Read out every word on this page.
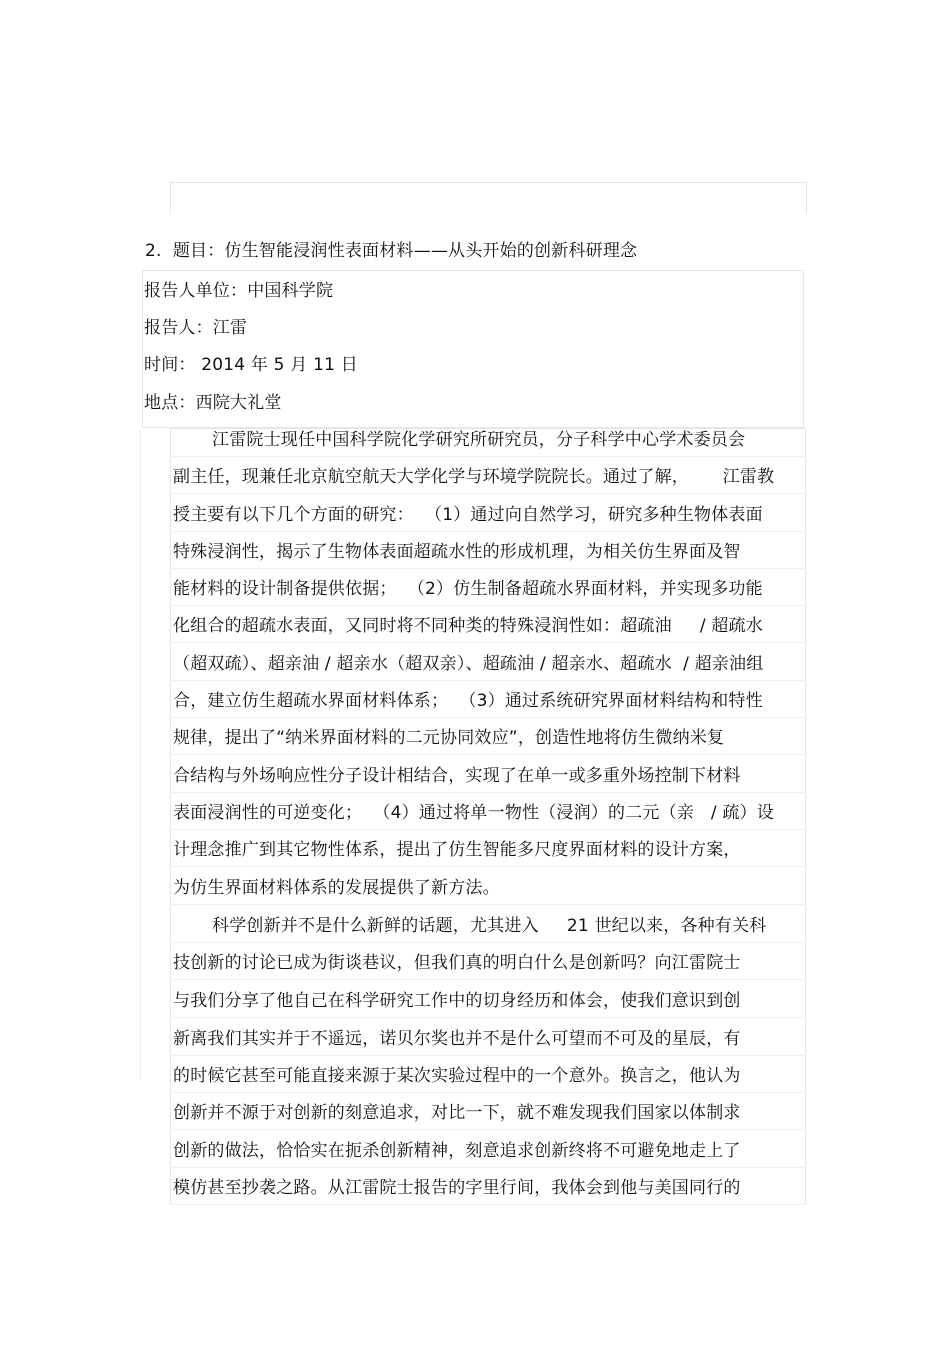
2.  题目：仿生智能浸润性表面材料——从头开始的创新科研理念
报告人单位：中国科学院
报告人：江雷
时间： 2014 年 5 月 11 日
地点：西院大礼堂
江雷院士现任中国科学院化学研究所研究员，分子科学中心学术委员会
副主任，现兼任北京航空航天大学化学与环境学院院长。通过了解，      江雷教
授主要有以下几个方面的研究：  （1）通过向自然学习，研究多种生物体表面
特殊浸润性，揭示了生物体表面超疏水性的形成机理，为相关仿生界面及智
能材料的设计制备提供依据；  （2）仿生制备超疏水界面材料，并实现多功能
化组合的超疏水表面，又同时将不同种类的特殊浸润性如：超疏油     / 超疏水
（超双疏）、超亲油 / 超亲水（超双亲）、超疏油 / 超亲水、超疏水  / 超亲油组
合，建立仿生超疏水界面材料体系；  （3）通过系统研究界面材料结构和特性
规律，提出了“纳米界面材料的二元协同效应”，创造性地将仿生微纳米复
合结构与外场响应性分子设计相结合，实现了在单一或多重外场控制下材料
表面浸润性的可逆变化；  （4）通过将单一物性（浸润）的二元（亲   / 疏）设
计理念推广到其它物性体系，提出了仿生智能多尺度界面材料的设计方案，
为仿生界面材料体系的发展提供了新方法。
科学创新并不是什么新鲜的话题，尤其进入     21 世纪以来，各种有关科
技创新的讨论已成为街谈巷议，但我们真的明白什么是创新吗？向江雷院士
与我们分享了他自己在科学研究工作中的切身经历和体会，使我们意识到创
新离我们其实并于不遥远，诺贝尔奖也并不是什么可望而不可及的星辰，有
的时候它甚至可能直接来源于某次实验过程中的一个意外。换言之，他认为
创新并不源于对创新的刻意追求，对比一下，就不难发现我们国家以体制求
创新的做法，恰恰实在扼杀创新精神，刻意追求创新终将不可避免地走上了
模仿甚至抄袭之路。从江雷院士报告的字里行间，我体会到他与美国同行的
